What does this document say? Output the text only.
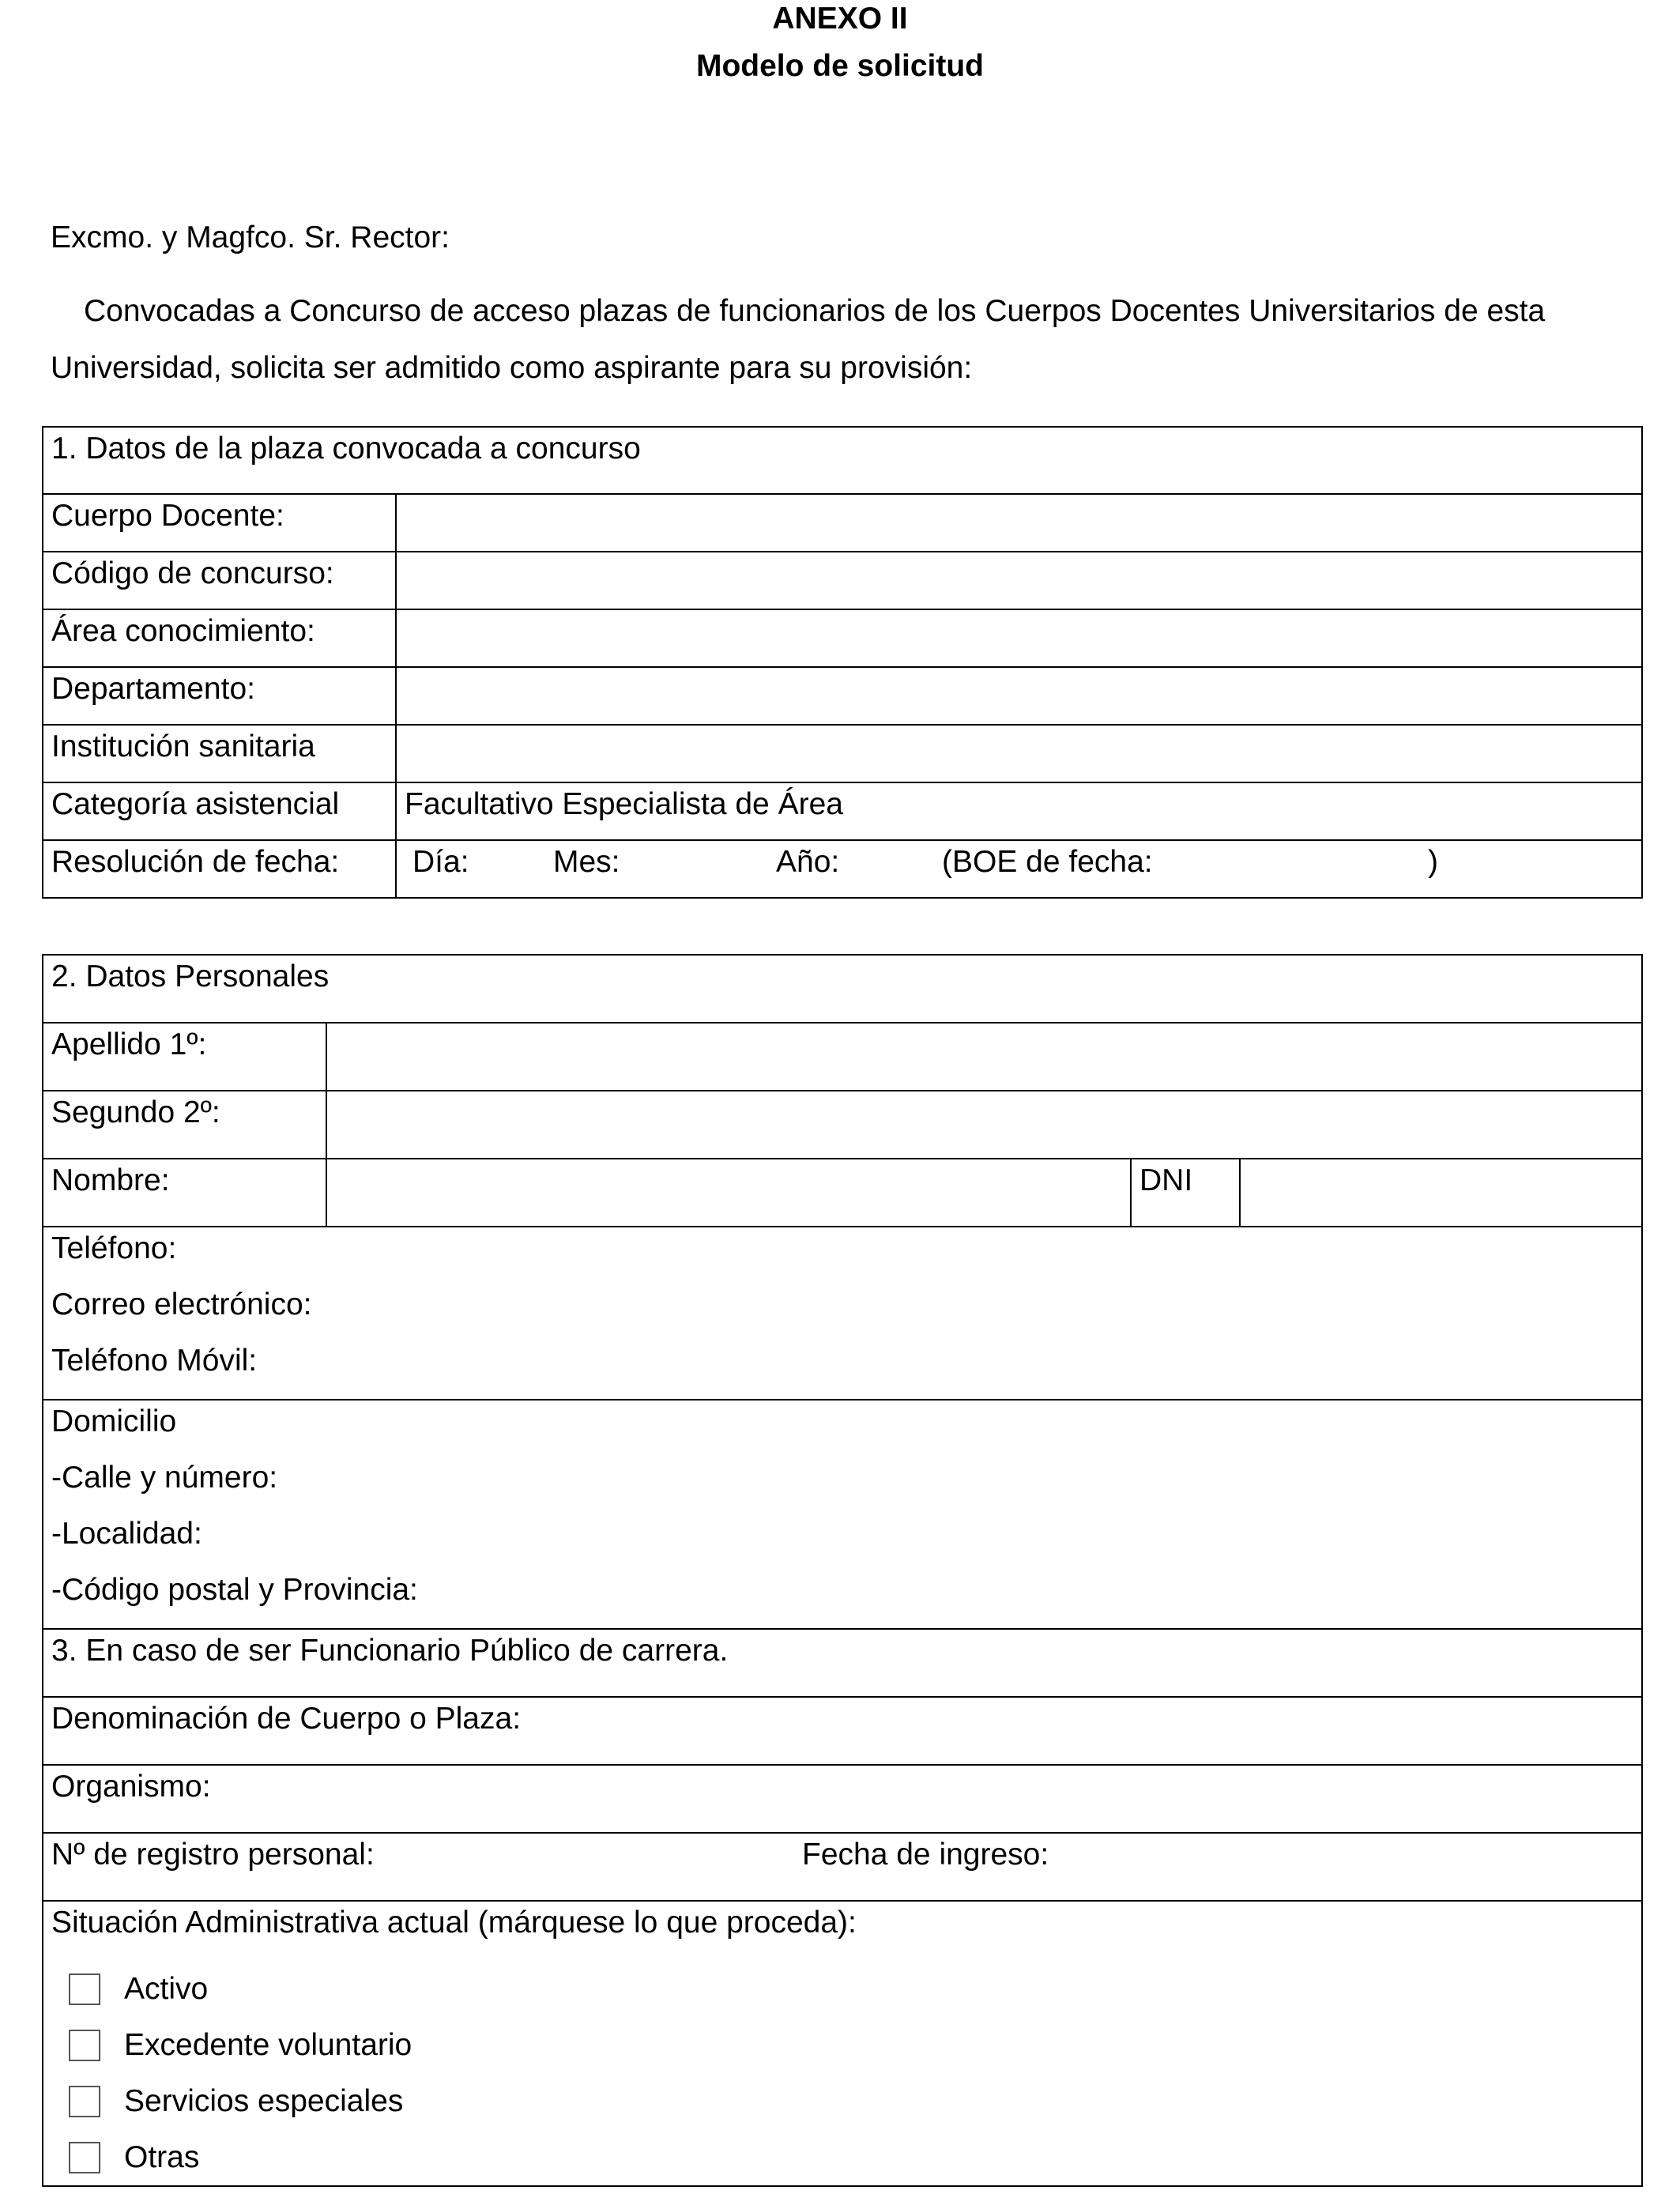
ANEXO II
Modelo de solicitud
Excmo. y Magfco. Sr. Rector:
Convocadas a Concurso de acceso plazas de funcionarios de los Cuerpos Docentes Universitarios de esta
Universidad, solicita ser admitido como aspirante para su provisión:
1. Datos de la plaza convocada a concurso	
Cuerpo Docente:	
Código de concurso:	
Área conocimiento:	
Departamento:	
Institución sanitaria	
Categoría asistencial	Facultativo Especialista de Área
Resolución de fecha:	Día: Mes: Año: (BOE de fecha: )
2. Datos Personales			
Apellido 1º:			
Segundo 2º:			
Nombre:		DNI	

Teléfono:
Correo electrónico:
Teléfono Móvil:			

Domicilio
-Calle y número:
-Localidad:
-Código postal y Provincia:			

3. En caso de ser Funcionario Público de carrera.			
Denominación de Cuerpo o Plaza:			
Organismo:			
Nº de registro personal: Fecha de ingreso:			

Situación Administrativa actual (márquese lo que proceda):
Activo
Excedente voluntario
Servicios especiales
Otras			
